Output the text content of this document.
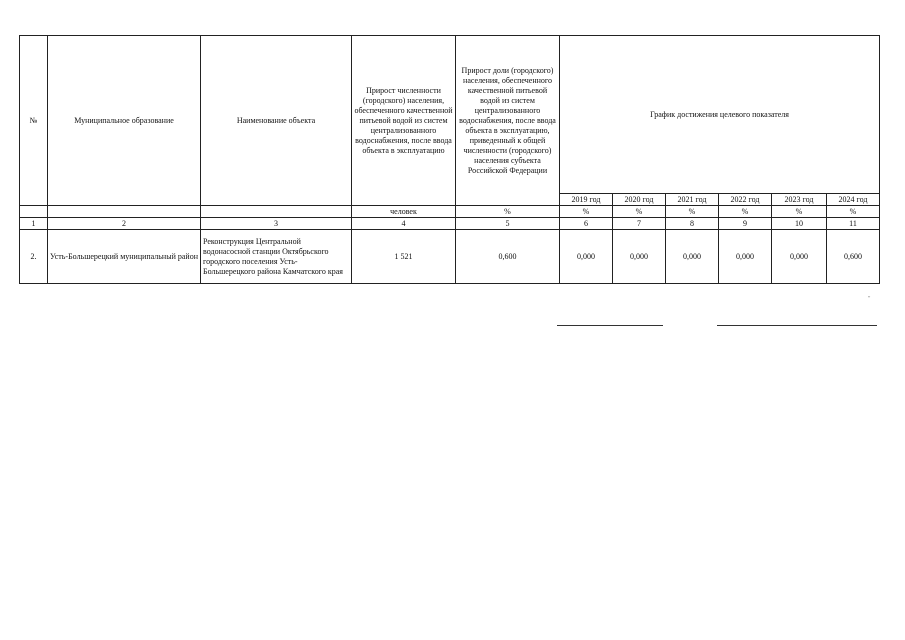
№	Муниципальное образование	Наименование объекта	Прирост численности (городского) населения, обеспеченного качественной питьевой водой из систем централизованного водоснабжения, после ввода объекта в эксплуатацию	Прирост доли (городского) населения, обеспеченного качественной питьевой водой из систем централизованного водоснабжения, после ввода объекта в эксплуатацию, приведенный к общей численности (городского) населения субъекта Российской Федерации	График достижения целевого показателя					
					2019 год	2020 год	2021 год	2022 год	2023 год	2024 год
			человек	%	%	%	%	%	%	%
1	2	3	4	5	6	7	8	9	10	11
2.	Усть-Большерецкий муниципальный район	Реконструкция Центральной водонасосной станции Октябрьского городского поселения Усть-Большерецкого района Камчатского края	1 521	0,600	0,000	0,000	0,000	0,000	0,000	0,600
"
